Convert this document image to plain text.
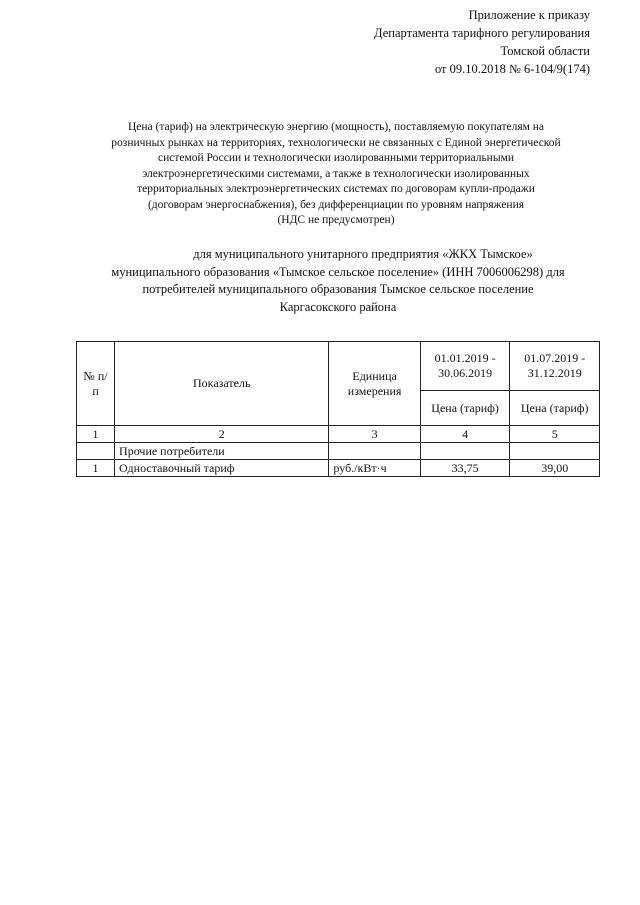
Приложение к приказу
Департамента тарифного регулирования
Томской области
от 09.10.2018 № 6-104/9(174)
Цена (тариф) на электрическую энергию (мощность), поставляемую покупателям на
розничных рынках на территориях, технологически не связанных с Единой энергетической
системой России и технологически изолированными территориальными
электроэнергетическими системами, а также в технологически изолированных
территориальных электроэнергетических системах по договорам купли-продажи
(договорам энергоснабжения), без дифференциации по уровням напряжения
(НДС не предусмотрен)
для муниципального унитарного предприятия «ЖКХ Тымское»
муниципального образования «Тымское сельское поселение» (ИНН 7006006298) для
потребителей муниципального образования Тымское сельское поселение
Каргасокского района
№ п/п	Показатель	Единица измерения	01.01.2019 - 30.06.2019	01.07.2019 - 31.12.2019
			Цена (тариф)	Цена (тариф)
1	2	3	4	5
	Прочие потребители			
1	Одноставочный тариф	руб./кВт·ч	33,75	39,00
